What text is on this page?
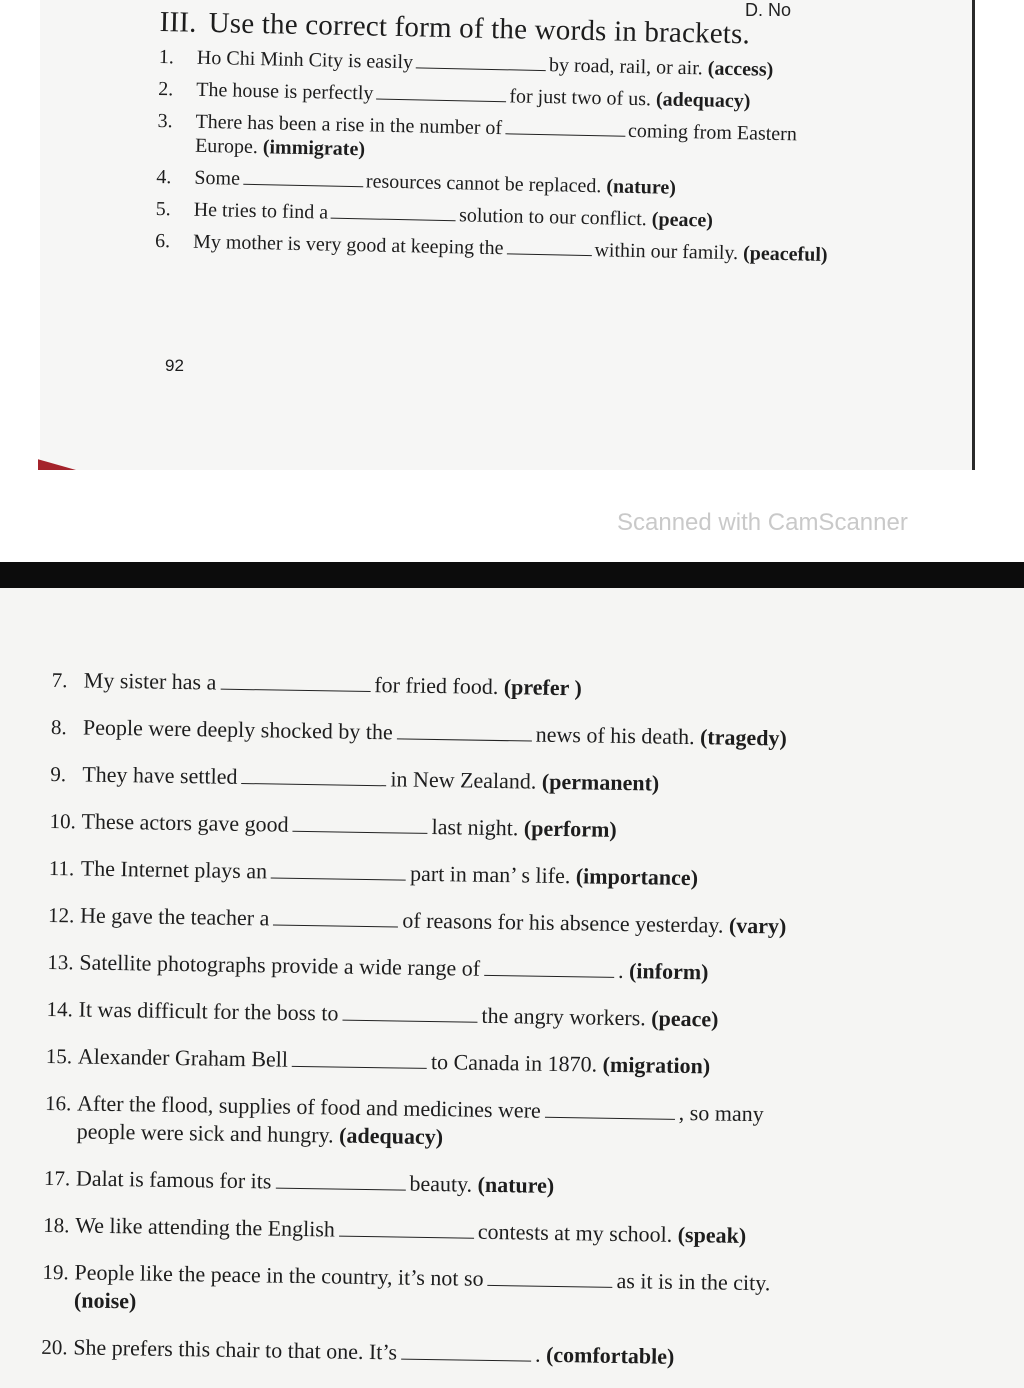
D. No
III. Use the correct form of the words in brackets.
1. Ho Chi Minh City is easily	by road, rail, or air. (access)
2. The house is perfectly	for just two of us. (adequacy)
3. There has been a rise in the number of	coming from Eastern
Europe. (immigrate)
4. Some	resources cannot be replaced. (nature)
5. He tries to find a	solution to our conflict. (peace)
6. My mother is very good at keeping the	within our family. (peaceful)
92
Scanned with CamScanner
7. My sister has a	for fried food. (prefer )
8. People were deeply shocked by the	news of his death. (tragedy)
9. They have settled	in New Zealand. (permanent)
10. These actors gave good	last night. (perform)
11. The Internet plays an	part in man’ s life. (importance)
12. He gave the teacher a	of reasons for his absence yesterday. (vary)
13. Satellite photographs provide a wide range of	. (inform)
14. It was difficult for the boss to	the angry workers. (peace)
15. Alexander Graham Bell	to Canada in 1870. (migration)
16. After the flood, supplies of food and medicines were	, so many
people were sick and hungry. (adequacy)
17. Dalat is famous for its	beauty. (nature)
18. We like attending the English	contests at my school. (speak)
19. People like the peace in the country, it’s not so	as it is in the city.
(noise)
20. She prefers this chair to that one. It’s	. (comfortable)
